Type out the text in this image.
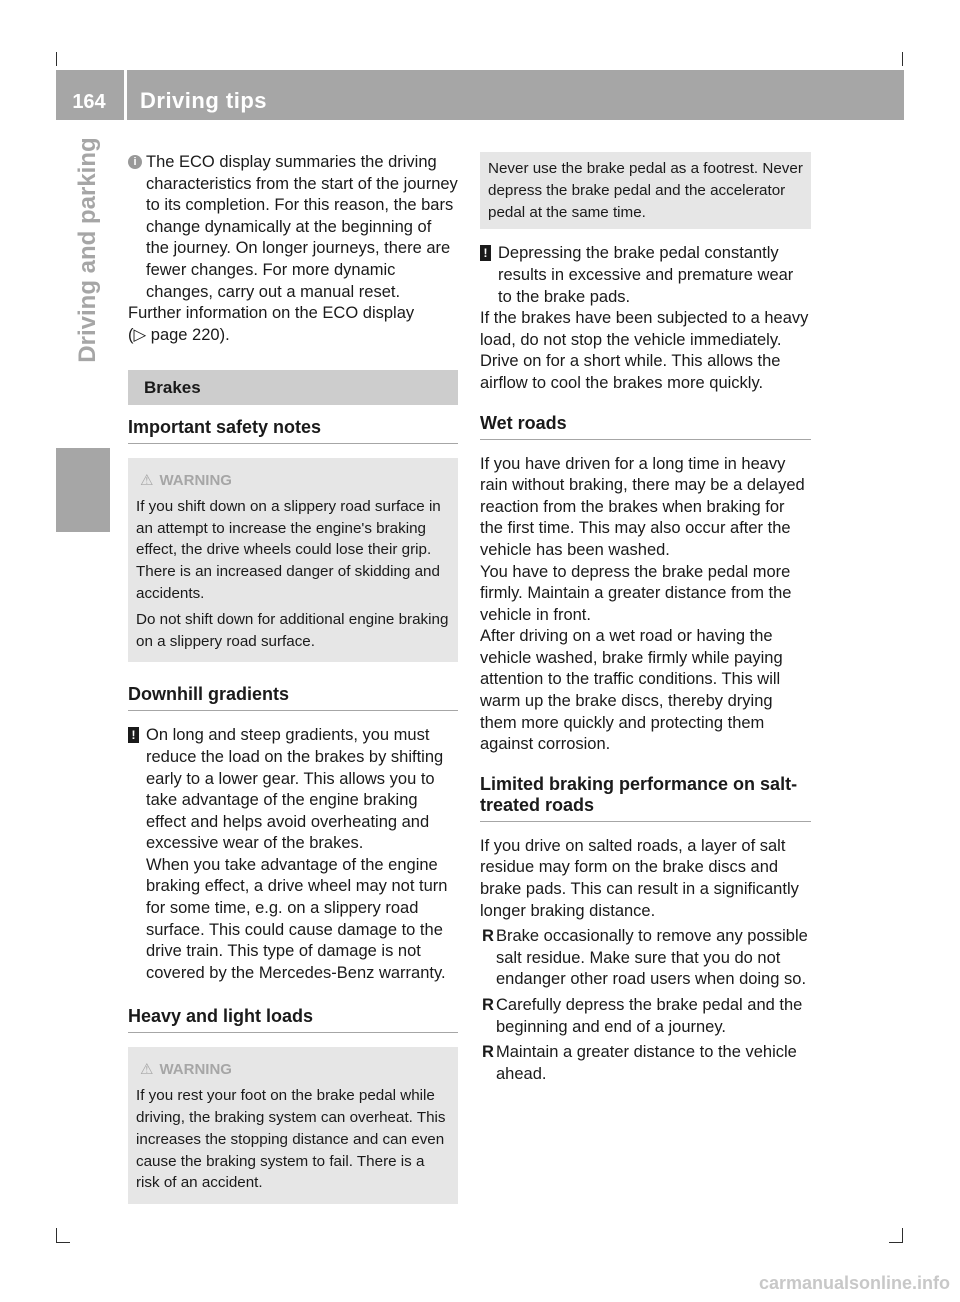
164	Driving tips
Driving and parking	i The ECO display summaries the driving characteristics from the start of the journey to its completion. For this reason, the bars change dynamically at the beginning of the journey. On longer journeys, there are fewer changes. For more dynamic changes, carry out a manual reset.

Further information on the ECO display

(▷ page 220).

Brakes
Important safety notes
⚠ WARNING

If you shift down on a slippery road surface in an attempt to increase the engine's braking effect, the drive wheels could lose their grip. There is an increased danger of skidding and accidents.

Do not shift down for additional engine braking on a slippery road surface.

Downhill gradients
! On long and steep gradients, you must reduce the load on the brakes by shifting early to a lower gear. This allows you to take advantage of the engine braking effect and helps avoid overheating and excessive wear of the brakes.

When you take advantage of the engine braking effect, a drive wheel may not turn for some time, e.g. on a slippery road surface. This could cause damage to the drive train. This type of damage is not covered by the Mercedes-Benz warranty.

Heavy and light loads
⚠ WARNING

If you rest your foot on the brake pedal while driving, the braking system can overheat. This increases the stopping distance and can even cause the braking system to fail. There is a risk of an accident.

Never use the brake pedal as a footrest. Never depress the brake pedal and the accelerator pedal at the same time.

! Depressing the brake pedal constantly results in excessive and premature wear to the brake pads.

If the brakes have been subjected to a heavy load, do not stop the vehicle immediately. Drive on for a short while. This allows the airflow to cool the brakes more quickly.

Wet roads

If you have driven for a long time in heavy rain without braking, there may be a delayed reaction from the brakes when braking for the first time. This may also occur after the vehicle has been washed.

You have to depress the brake pedal more firmly. Maintain a greater distance from the vehicle in front.

After driving on a wet road or having the vehicle washed, brake firmly while paying attention to the traffic conditions. This will warm up the brake discs, thereby drying them more quickly and protecting them against corrosion.

Limited braking performance on salt-treated roads

If you drive on salted roads, a layer of salt residue may form on the brake discs and brake pads. This can result in a significantly longer braking distance.

R Brake occasionally to remove any possible salt residue. Make sure that you do not endanger other road users when doing so.

R Carefully depress the brake pedal and the beginning and end of a journey.

R Maintain a greater distance to the vehicle ahead.

carmanualsonline.info
